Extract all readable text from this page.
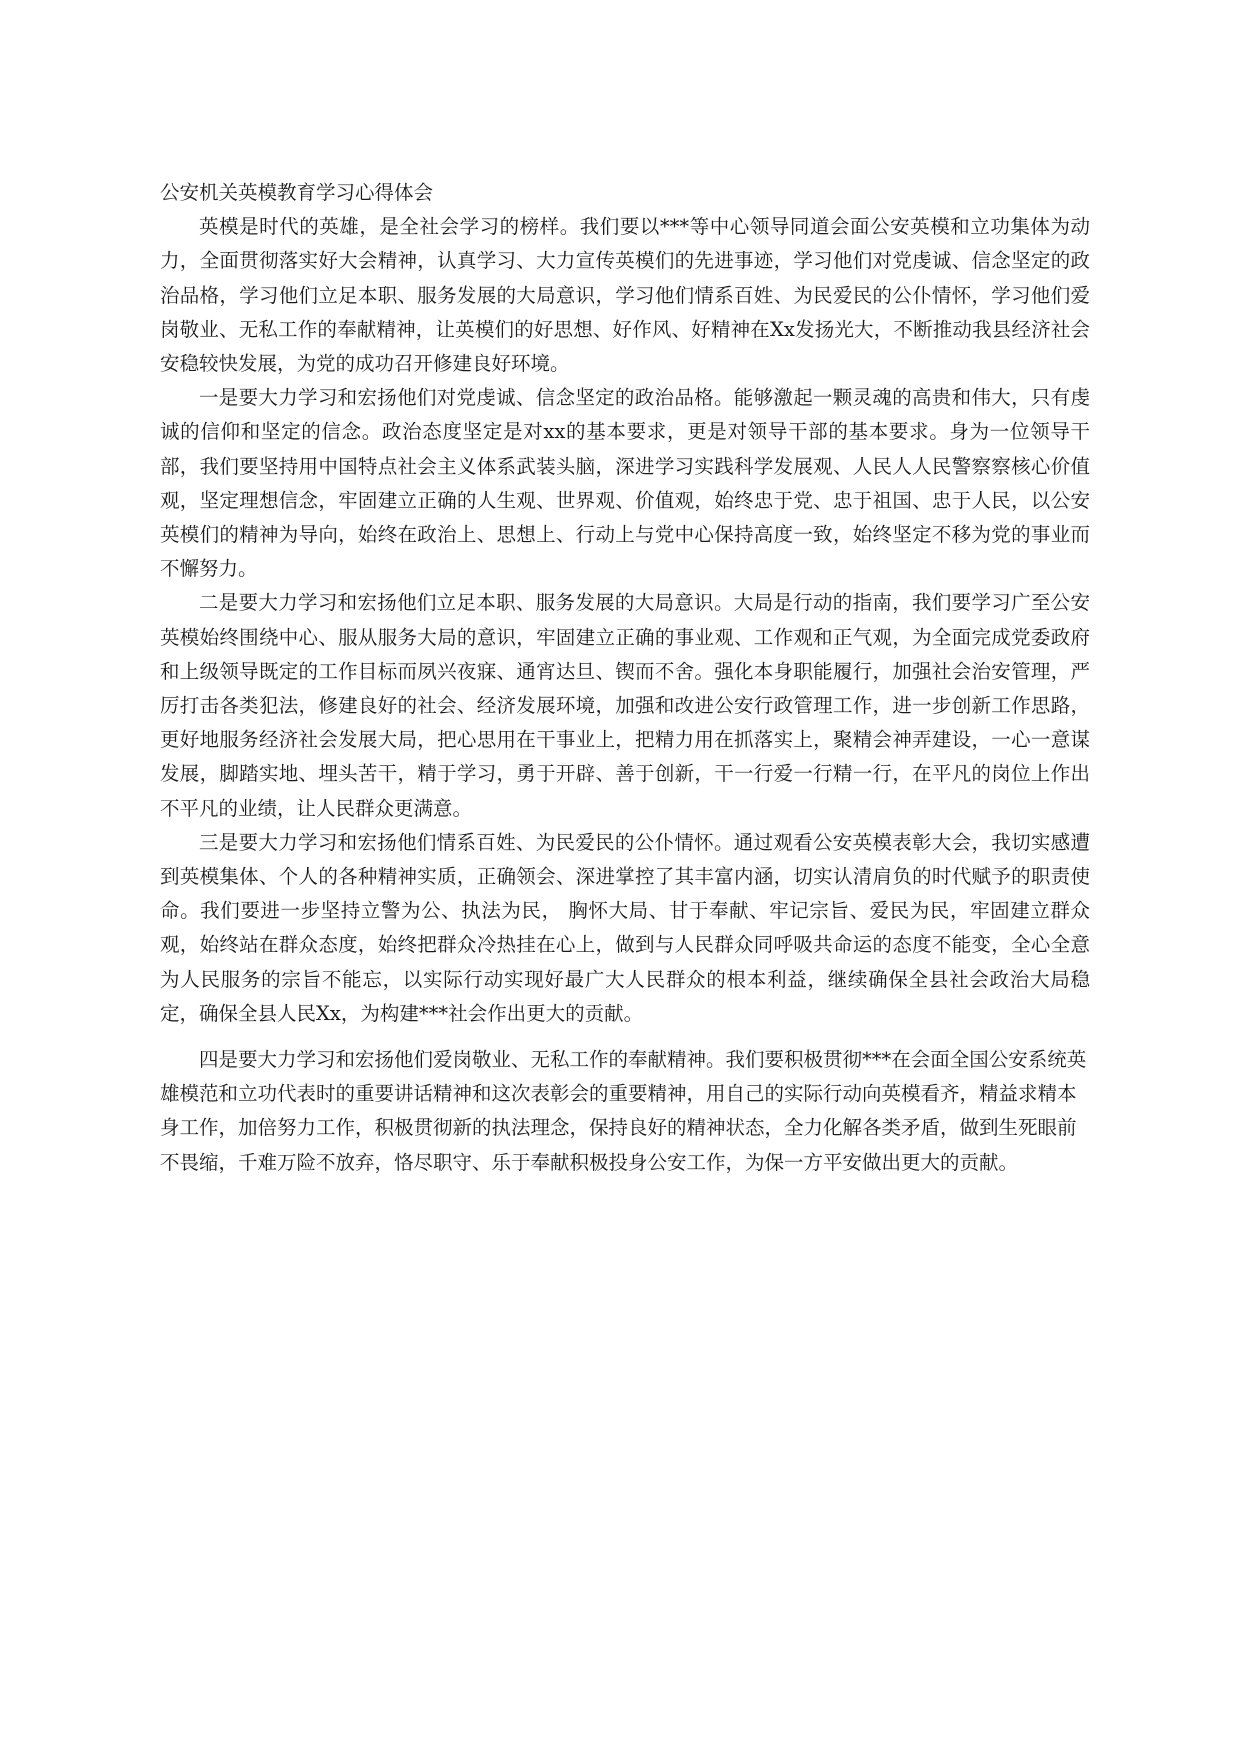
公安机关英模教育学习心得体会

英模是时代的英雄，是全社会学习的榜样。我们要以***等中心领导同道会面公安英模和立功集体为动力，全面贯彻落实好大会精神，认真学习、大力宣传英模们的先进事迹，学习他们对党虔诚、信念坚定的政治品格，学习他们立足本职、服务发展的大局意识，学习他们情系百姓、为民爱民的公仆情怀，学习他们爱岗敬业、无私工作的奉献精神，让英模们的好思想、好作风、好精神在Xx发扬光大，不断推动我县经济社会安稳较快发展，为党的成功召开修建良好环境。

一是要大力学习和宏扬他们对党虔诚、信念坚定的政治品格。能够激起一颗灵魂的高贵和伟大，只有虔诚的信仰和坚定的信念。政治态度坚定是对xx的基本要求，更是对领导干部的基本要求。身为一位领导干部，我们要坚持用中国特点社会主义体系武装头脑，深进学习实践科学发展观、人民人人民警察察核心价值观，坚定理想信念，牢固建立正确的人生观、世界观、价值观，始终忠于党、忠于祖国、忠于人民，以公安英模们的精神为导向，始终在政治上、思想上、行动上与党中心保持高度一致，始终坚定不移为党的事业而不懈努力。

二是要大力学习和宏扬他们立足本职、服务发展的大局意识。大局是行动的指南，我们要学习广至公安英模始终围绕中心、服从服务大局的意识，牢固建立正确的事业观、工作观和正气观，为全面完成党委政府和上级领导既定的工作目标而夙兴夜寐、通宵达旦、锲而不舍。强化本身职能履行，加强社会治安管理，严厉打击各类犯法，修建良好的社会、经济发展环境，加强和改进公安行政管理工作，进一步创新工作思路，更好地服务经济社会发展大局，把心思用在干事业上，把精力用在抓落实上，聚精会神弄建设，一心一意谋发展，脚踏实地、埋头苦干，精于学习，勇于开辟、善于创新，干一行爱一行精一行，在平凡的岗位上作出不平凡的业绩，让人民群众更满意。

三是要大力学习和宏扬他们情系百姓、为民爱民的公仆情怀。通过观看公安英模表彰大会，我切实感遭到英模集体、个人的各种精神实质，正确领会、深进掌控了其丰富内涵，切实认清肩负的时代赋予的职责使命。我们要进一步坚持立警为公、执法为民， 胸怀大局、甘于奉献、牢记宗旨、爱民为民，牢固建立群众观，始终站在群众态度，始终把群众冷热挂在心上，做到与人民群众同呼吸共命运的态度不能变，全心全意为人民服务的宗旨不能忘，以实际行动实现好最广大人民群众的根本利益，继续确保全县社会政治大局稳定，确保全县人民Xx，为构建***社会作出更大的贡献。

四是要大力学习和宏扬他们爱岗敬业、无私工作的奉献精神。我们要积极贯彻***在会面全国公安系统英雄模范和立功代表时的重要讲话精神和这次表彰会的重要精神，用自己的实际行动向英模看齐，精益求精本身工作，加倍努力工作，积极贯彻新的执法理念，保持良好的精神状态，全力化解各类矛盾，做到生死眼前不畏缩，千难万险不放弃，恪尽职守、乐于奉献积极投身公安工作，为保一方平安做出更大的贡献。
